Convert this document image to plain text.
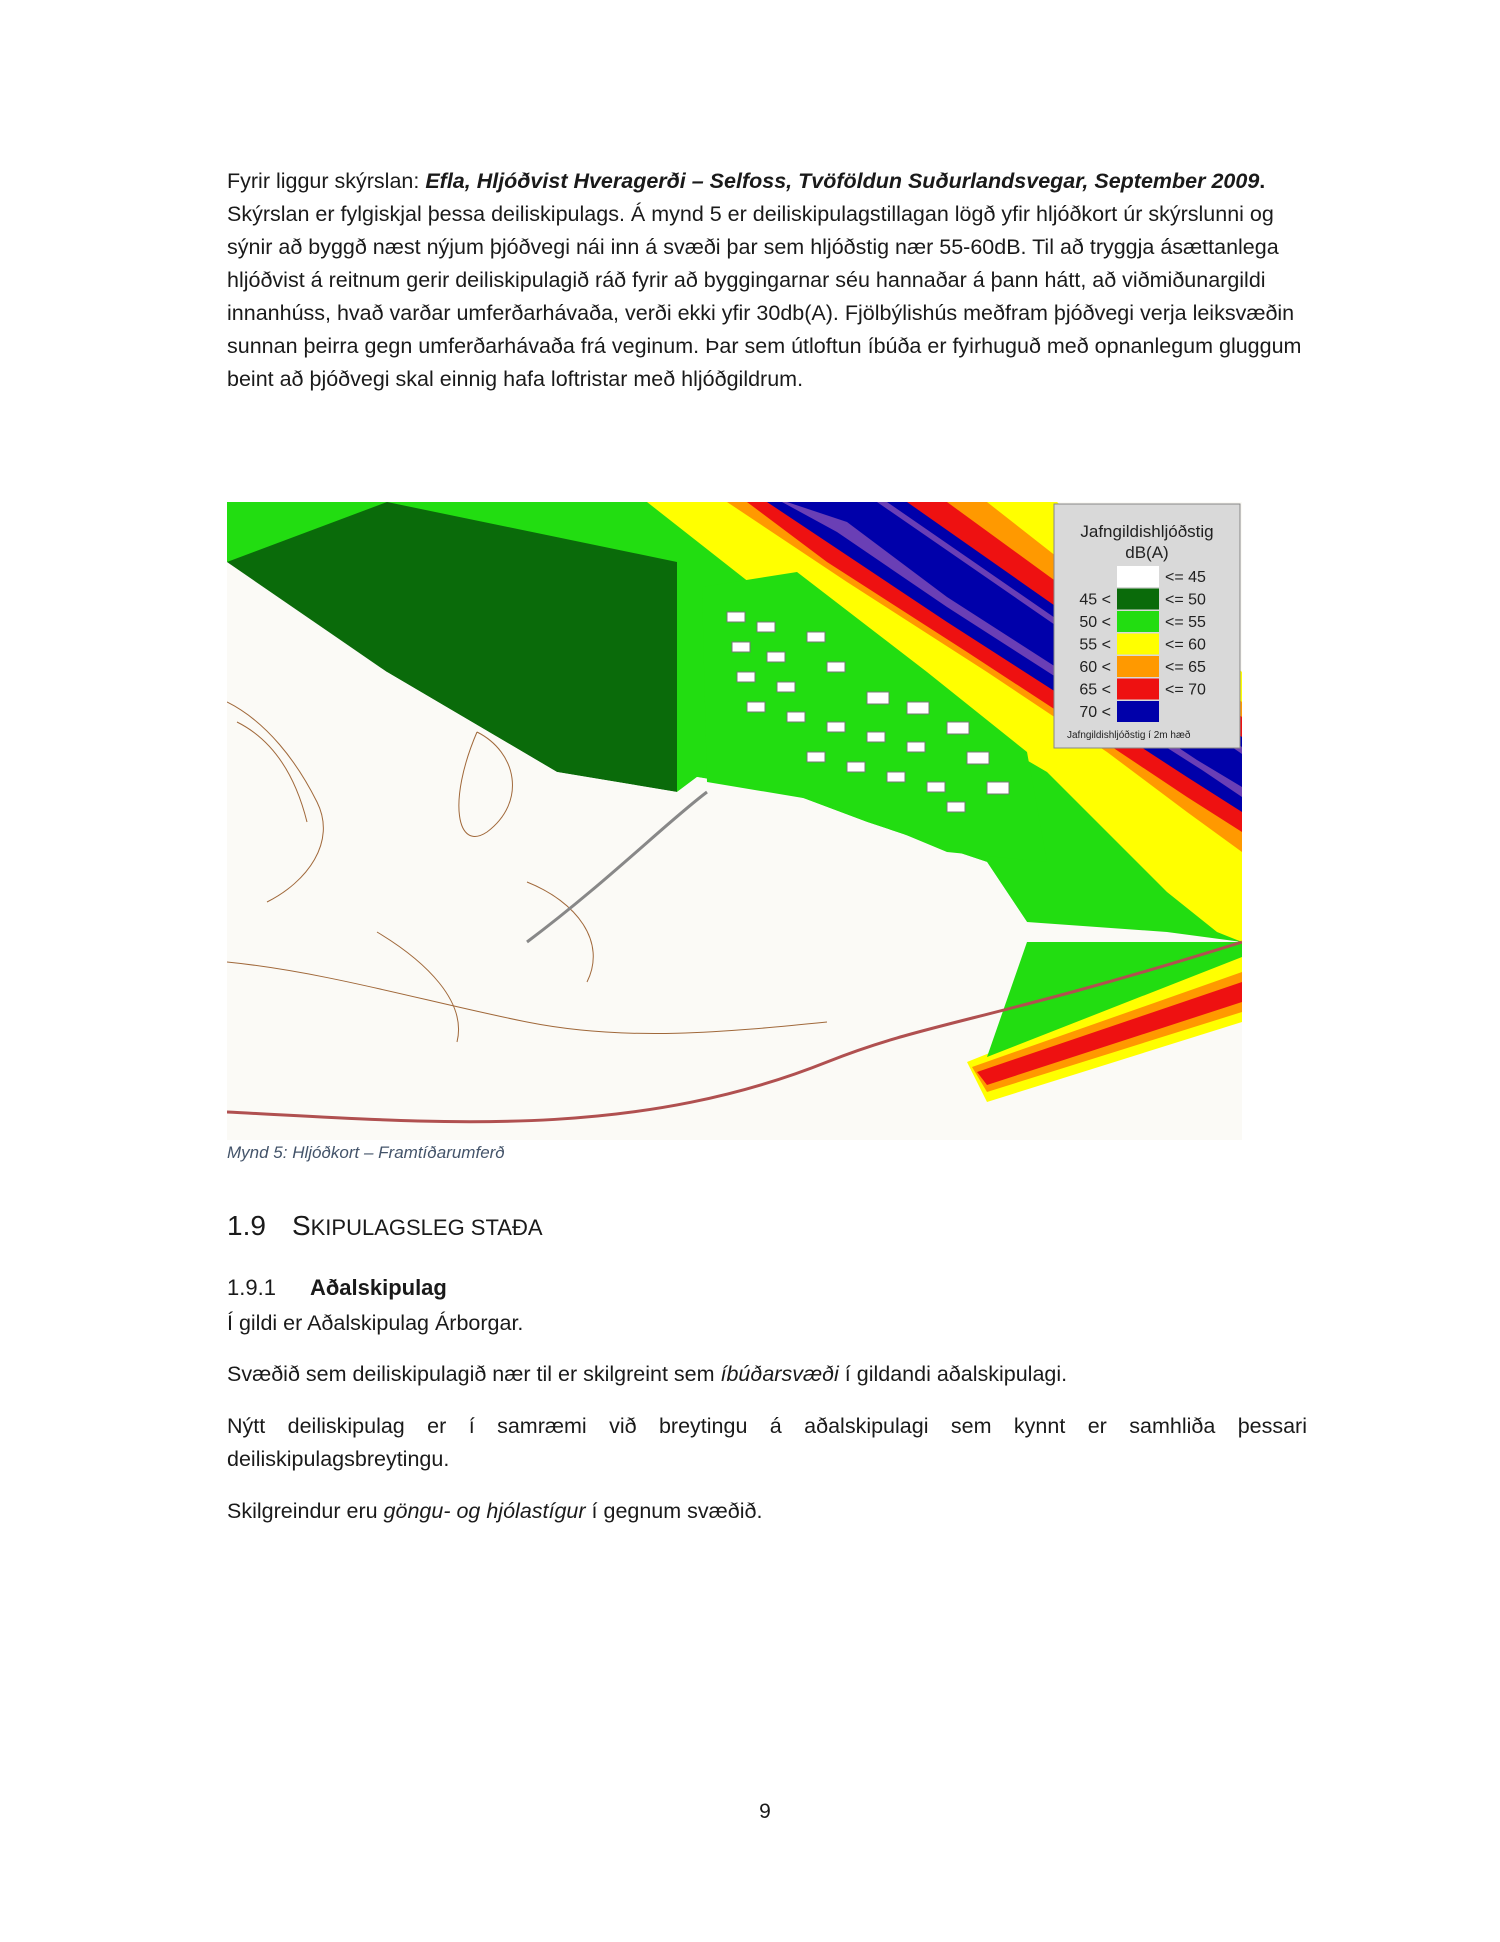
Fyrir liggur skýrslan: Efla, Hljóðvist Hveragerði – Selfoss, Tvöföldun Suðurlandsvegar, September 2009. Skýrslan er fylgiskjal þessa deiliskipulags. Á mynd 5 er deiliskipulagstillagan lögð yfir hljóðkort úr skýrslunni og sýnir að byggð næst nýjum þjóðvegi nái inn á svæði þar sem hljóðstig nær 55-60dB. Til að tryggja ásættanlega hljóðvist á reitnum gerir deiliskipulagið ráð fyrir að byggingarnar séu hannaðar á þann hátt, að viðmiðunargildi innanhúss, hvað varðar umferðarhávaða, verði ekki yfir 30db(A). Fjölbýlishús meðfram þjóðvegi verja leiksvæðin sunnan þeirra gegn umferðarhávaða frá veginum. Þar sem útloftun íbúða er fyirhuguð með opnanlegum gluggum beint að þjóðvegi skal einnig hafa loftristar með hljóðgildrum.
Jafngildishljóðstig
dB(A)
<= 45
45 <	<= 50
50 <	<= 55
55 <	<= 60
60 <	<= 65
65 <	<= 70
70 <
Jafngildishljóðstig í 2m hæð
Mynd 5: Hljóðkort – Framtíðarumferð
1.9 SKIPULAGSLEG STAÐA
1.9.1 Aðalskipulag
Í gildi er Aðalskipulag Árborgar.
Svæðið sem deiliskipulagið nær til er skilgreint sem íbúðarsvæði í gildandi aðalskipulagi.
Nýtt deiliskipulag er í samræmi við breytingu á aðalskipulagi sem kynnt er samhliða þessari deiliskipulagsbreytingu.
Skilgreindur eru göngu- og hjólastígur í gegnum svæðið.
9
